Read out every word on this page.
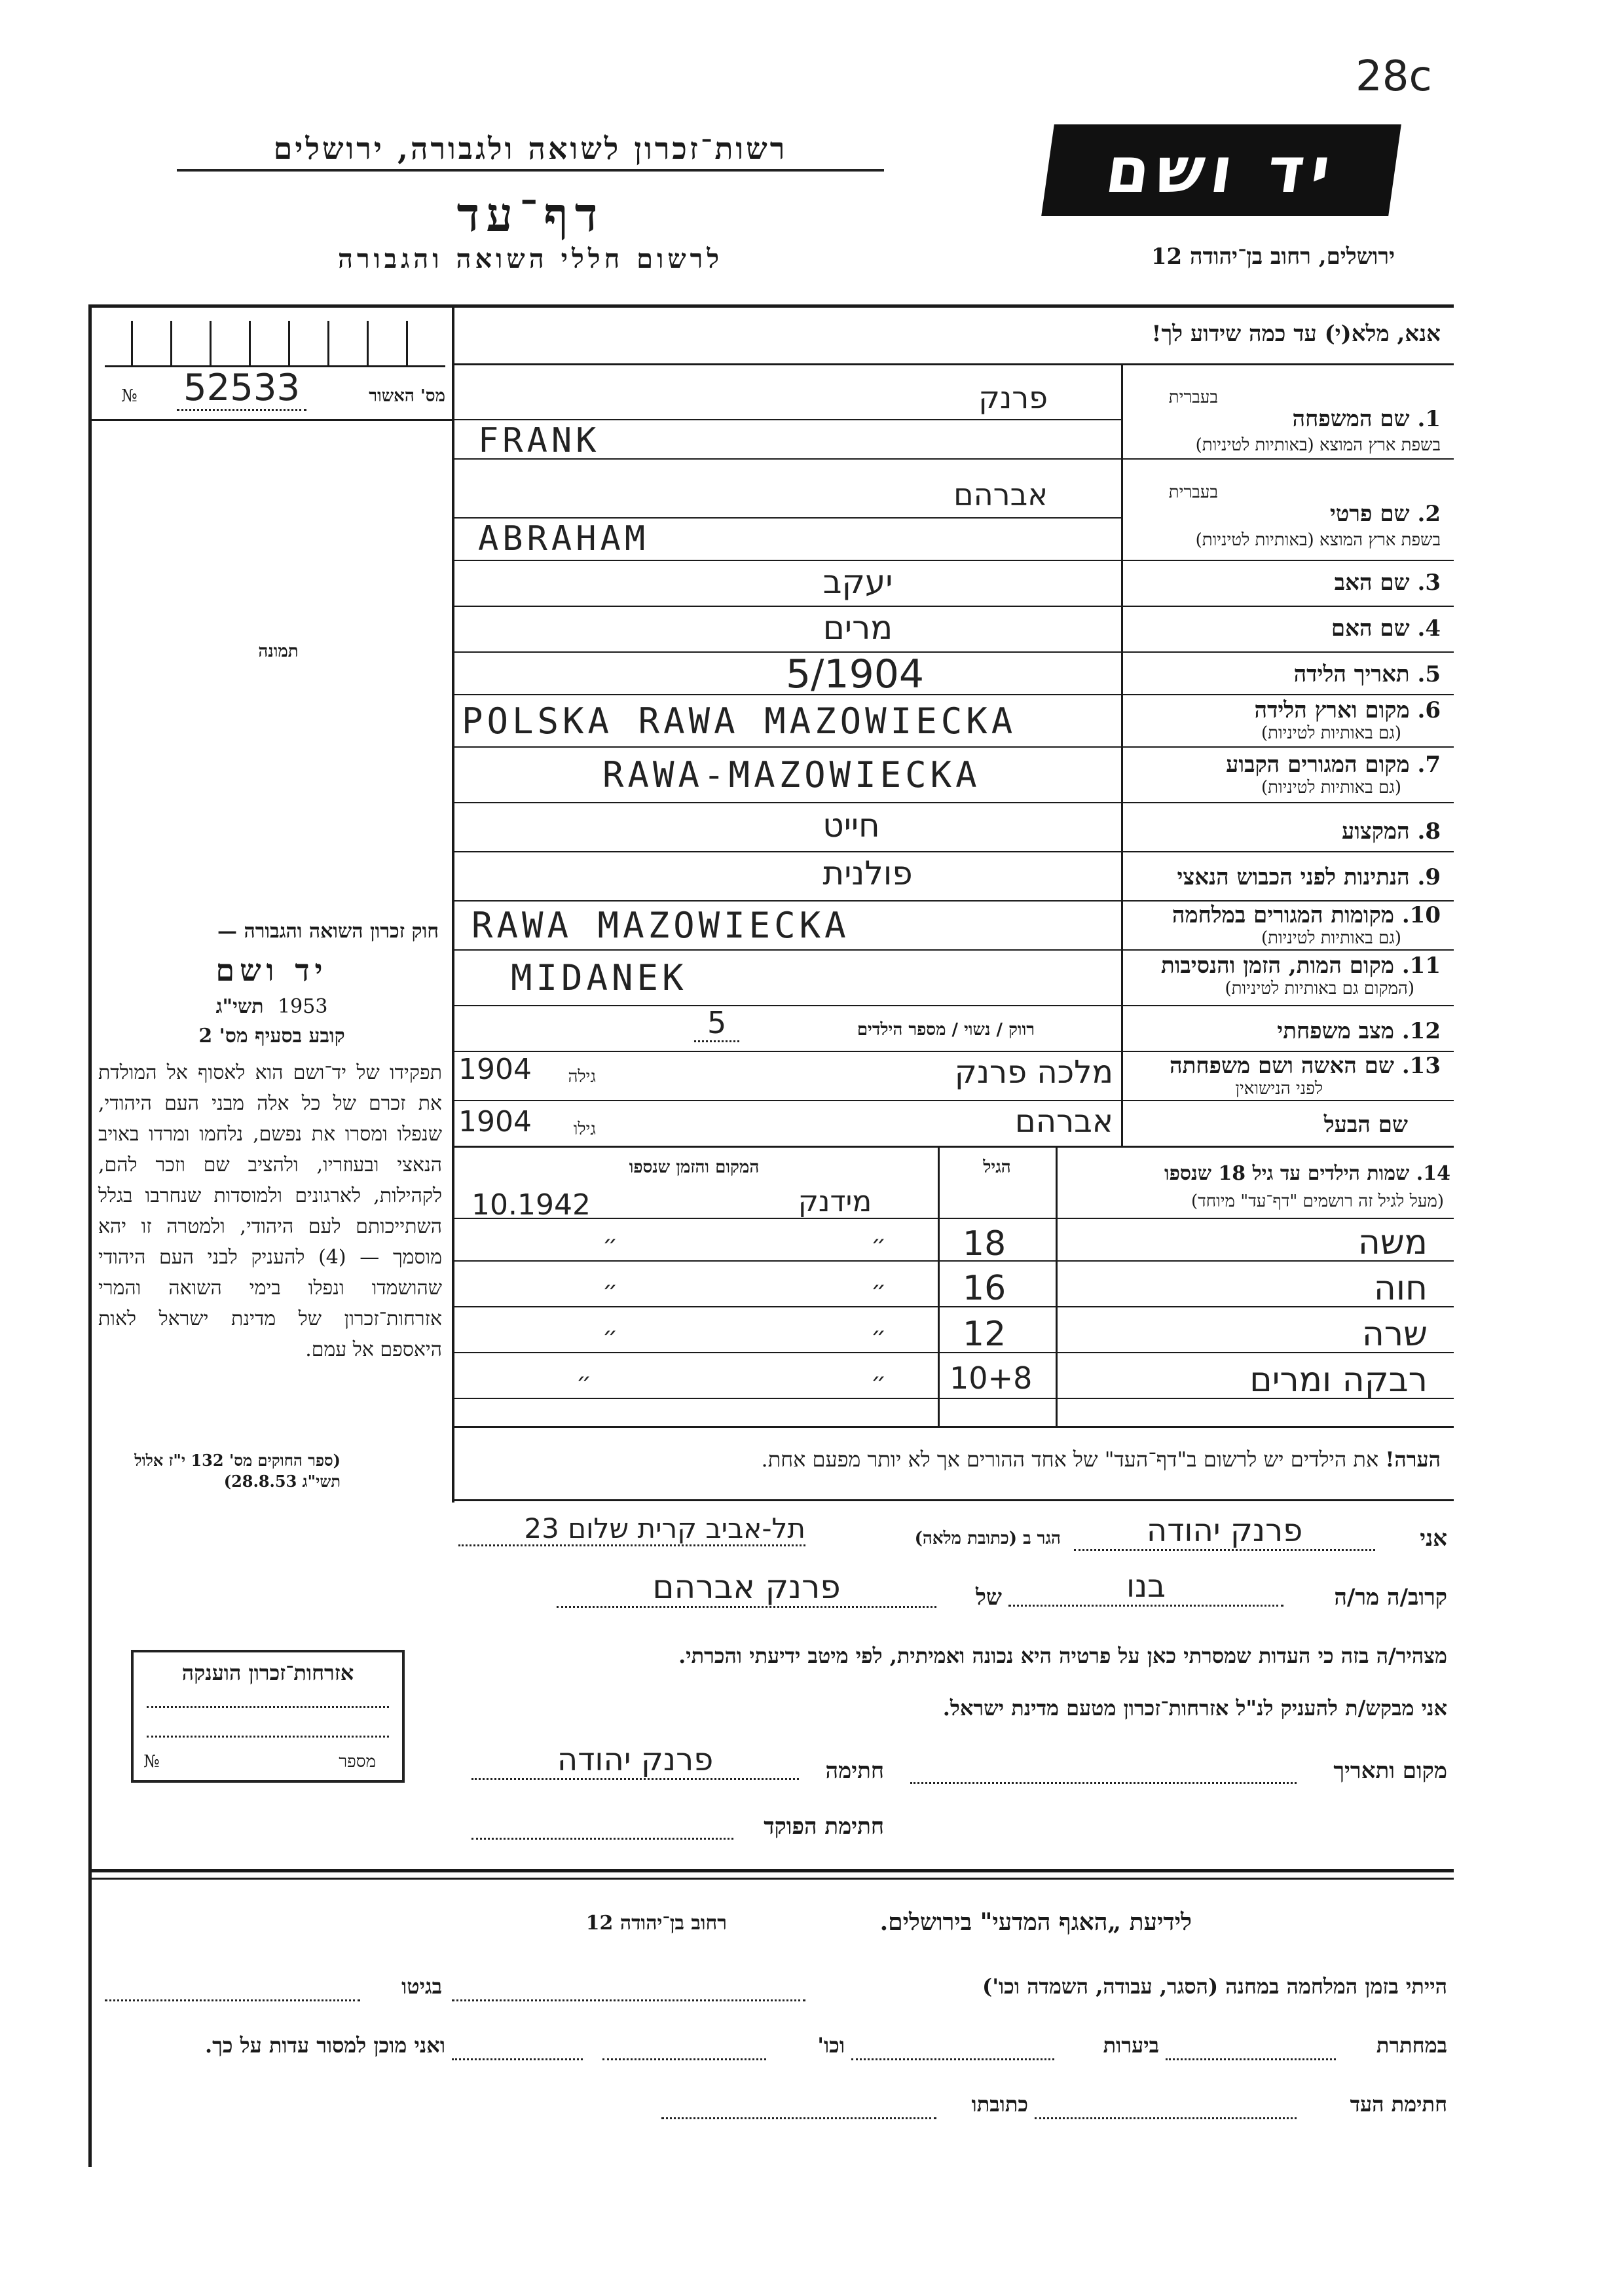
28c
רשות־זכרון לשואה ולגבורה, ירושלים
דף־עד
לרשום חללי השואה והגבורה
יד ושם
ירושלים, רחוב בן־יהודה 12
אנא, מלא(י) עד כמה שידוע לך!
מס' האשור
№ 52533
תמונה
בעברית
1. שם המשפחה
בשפת ארץ המוצא (באותיות לטיניות)
פרנק
FRANK
בעברית
2. שם פרטי
בשפת ארץ המוצא (באותיות לטיניות)
אברהם
ABRAHAM
3. שם האב
יעקב
4. שם האם
מרים
5. תאריך הלידה
5/1904
6. מקום וארץ הלידה
(גם באותיות לטיניות)
POLSKA RAWA MAZOWIECKA
7. מקום המגורים הקבוע
(גם באותיות לטיניות)
RAWA-MAZOWIECKA
8. המקצוע
חייט
9. הנתינות לפני הכבוש הנאצי
פולנית
10. מקומות המגורים במלחמה
(גם באותיות לטיניות)
RAWA MAZOWIECKA
11. מקום המות, הזמן והנסיבות
(המקום גם באותיות לטיניות)
MIDANEK
12. מצב משפחתי
רווק / נשוי / מספר הילדים
5
13. שם האשה ושם משפחתה
לפני הנישואין
מלכה פרנק
גילה
1904
שם הבעל
אברהם
גילו
1904
14. שמות הילדים עד גיל 18 שנספו
(מעל לגיל זה רושמים "דף־עד" מיוחד)
הגיל
המקום והזמן שנספו
מידנק
10.1942
משה
18
״
״
חוה
16
״
״
שרה
12
״
״
רבקה ומרים
10+8
״
״
הערה! את הילדים יש לרשום ב"דף־העד" של אחד ההורים אך לא יותר מפעם אחת.
חוק זכרון השואה והגבורה —
יד ושם
תשי"ג 1953
קובע בסעיף מס' 2
תפקידו של יד־ושם הוא לאסוף אל המולדת את זכרם של כל אלה מבני העם היהודי, שנפלו ומסרו את נפשם, נלחמו ומרדו באויב הנאצי ובעוזריו, ולהציב שם וזכר להם, לקהילות, לארגונים ולמוסדות שנחרבו בגלל השתייכותם לעם היהודי, ולמטרה זו יהא מוסמך — (4) להעניק לבני העם היהודי שהושמדו ונפלו בימי השואה והמרי אזרחות־זכרון של מדינת ישראל לאות היאספם אל עמם.
(ספר החוקים מס' 132 י"ז אלול תשי"ג 28.8.53)
אזרחות־זכרון הוענקה
№	מספר
אני
פרנק יהודה
הגר ב (כתובת מלאה)
תל-אביב קרית שלום 23
קרוב/ה מר/ה
בנו
של
פרנק אברהם
מצהיר/ה בזה כי העדות שמסרתי כאן על פרטיה היא נכונה ואמיתית, לפי מיטב ידיעתי והכרתי.
אני מבקש/ת להעניק לנ"ל אזרחות־זכרון מטעם מדינת ישראל.
מקום ותאריך
חתימה
פרנק יהודה
חתימת הפוקד
לידיעת „האגף המדעי" בירושלים.
רחוב בן־יהודה 12
הייתי בזמן המלחמה במחנה (הסגר, עבודה, השמדה וכו')
בגיטו
במחתרת
ביערות
וכו'
ואני מוכן למסור עדות על כך.
חתימת העד
כתובתו
